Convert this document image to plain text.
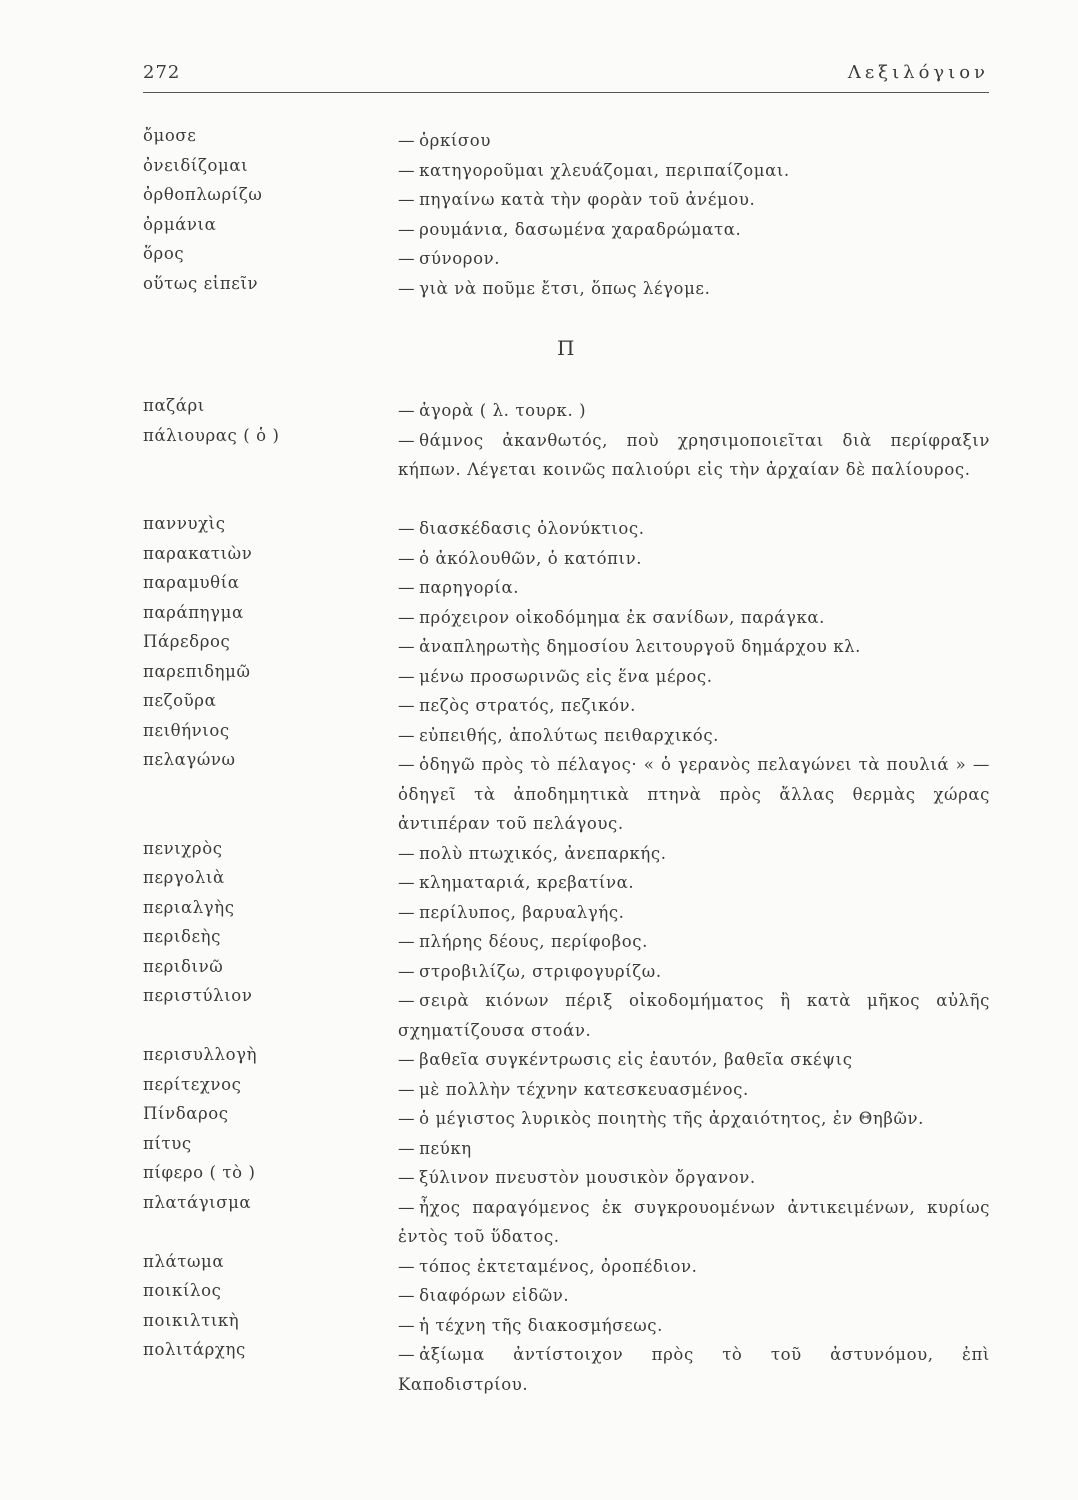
272	Λεξιλόγιον
ὄμοσε	— ὁρκίσου
ὀνειδίζομαι	— κατηγοροῦμαι χλευάζομαι, περιπαίζομαι.
ὀρθοπλωρίζω	— πηγαίνω κατὰ τὴν φορὰν τοῦ ἀνέμου.
ὀρμάνια	— ρουμάνια, δασωμένα χαραδρώματα.
ὅρος	— σύνορον.
οὕτως εἰπεῖν	— γιὰ νὰ ποῦμε ἔτσι, ὅπως λέγομε.
Π
παζάρι	— ἀγορὰ ( λ. τουρκ. )
πάλιουρας ( ὁ )	— θάμνος ἀκανθωτός, ποὺ χρησιμοποιεῖται διὰ περίφραξιν κήπων. Λέγεται κοινῶς παλιούρι εἰς τὴν ἀρχαίαν δὲ παλίουρος.
παννυχὶς	— διασκέδασις ὁλονύκτιος.
παρακατιὼν	— ὁ ἀκόλουθῶν, ὁ κατόπιν.
παραμυθία	— παρηγορία.
παράπηγμα	— πρόχειρον οἰκοδόμημα ἐκ σανίδων, παράγκα.
Πάρεδρος	— ἀναπληρωτὴς δημοσίου λειτουργοῦ δημάρχου κλ.
παρεπιδημῶ	— μένω προσωρινῶς εἰς ἕνα μέρος.
πεζοῦρα	— πεζὸς στρατός, πεζικόν.
πειθήνιος	— εὐπειθής, ἀπολύτως πειθαρχικός.
πελαγώνω	— ὁδηγῶ πρὸς τὸ πέλαγος· « ὁ γερανὸς πελαγώνει τὰ πουλιά » — ὁδηγεῖ τὰ ἀποδημητικὰ πτηνὰ πρὸς ἄλλας θερμὰς χώρας ἀντιπέραν τοῦ πελάγους.
πενιχρὸς	— πολὺ πτωχικός, ἀνεπαρκής.
περγολιὰ	— κληματαριά, κρεβατίνα.
περιαλγὴς	— περίλυπος, βαρυαλγής.
περιδεὴς	— πλήρης δέους, περίφοβος.
περιδινῶ	— στροβιλίζω, στριφογυρίζω.
περιστύλιον	— σειρὰ κιόνων πέριξ οἰκοδομήματος ἢ κατὰ μῆκος αὐλῆς σχηματίζουσα στοάν.
περισυλλογὴ	— βαθεῖα συγκέντρωσις εἰς ἑαυτόν, βαθεῖα σκέψις
περίτεχνος	— μὲ πολλὴν τέχνην κατεσκευασμένος.
Πίνδαρος	— ὁ μέγιστος λυρικὸς ποιητὴς τῆς ἀρχαιότητος, ἐν Θηβῶν.
πίτυς	— πεύκη
πίφερο ( τὸ )	— ξύλινον πνευστὸν μουσικὸν ὄργανον.
πλατάγισμα	— ἦχος παραγόμενος ἐκ συγκρουομένων ἀντικειμένων, κυρίως ἐντὸς τοῦ ὕδατος.
πλάτωμα	— τόπος ἐκτεταμένος, ὀροπέδιον.
ποικίλος	— διαφόρων εἰδῶν.
ποικιλτικὴ	— ἡ τέχνη τῆς διακοσμήσεως.
πολιτάρχης	— ἀξίωμα ἀντίστοιχον πρὸς τὸ τοῦ ἀστυνόμου, ἐπὶ Καποδιστρίου.
